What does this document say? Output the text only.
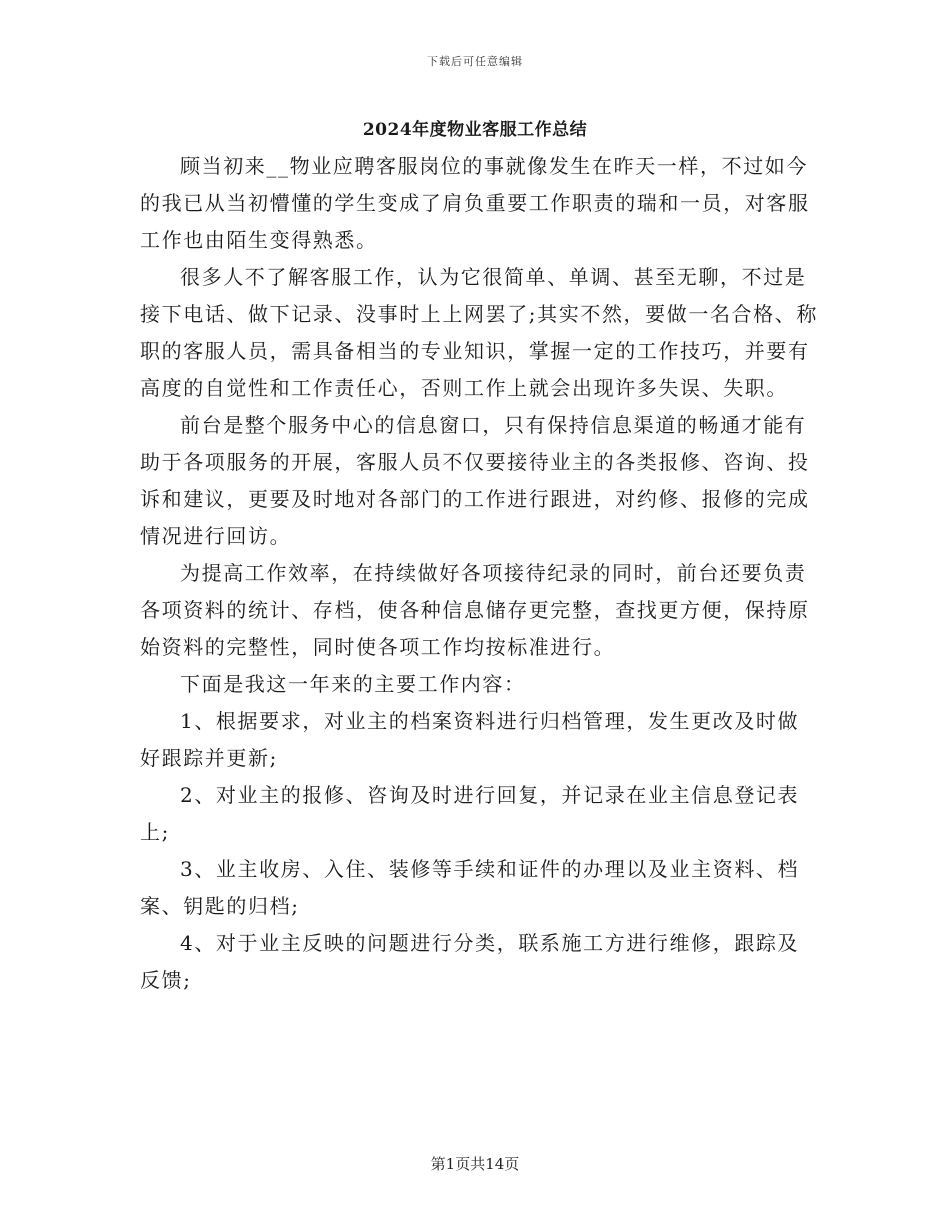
下载后可任意编辑
2024年度物业客服工作总结

顾当初来__物业应聘客服岗位的事就像发生在昨天一样，不过如今的我已从当初懵懂的学生变成了肩负重要工作职责的瑞和一员，对客服工作也由陌生变得熟悉。

很多人不了解客服工作，认为它很简单、单调、甚至无聊，不过是接下电话、做下记录、没事时上上网罢了;其实不然，要做一名合格、称职的客服人员，需具备相当的专业知识，掌握一定的工作技巧，并要有高度的自觉性和工作责任心，否则工作上就会出现许多失误、失职。

前台是整个服务中心的信息窗口，只有保持信息渠道的畅通才能有助于各项服务的开展，客服人员不仅要接待业主的各类报修、咨询、投诉和建议，更要及时地对各部门的工作进行跟进，对约修、报修的完成情况进行回访。

为提高工作效率，在持续做好各项接待纪录的同时，前台还要负责各项资料的统计、存档，使各种信息储存更完整，查找更方便，保持原始资料的完整性，同时使各项工作均按标准进行。

下面是我这一年来的主要工作内容：

1、根据要求，对业主的档案资料进行归档管理，发生更改及时做好跟踪并更新;

2、对业主的报修、咨询及时进行回复，并记录在业主信息登记表上;

3、业主收房、入住、装修等手续和证件的办理以及业主资料、档案、钥匙的归档;

4、对于业主反映的问题进行分类，联系施工方进行维修，跟踪及反馈;

第1页共14页
